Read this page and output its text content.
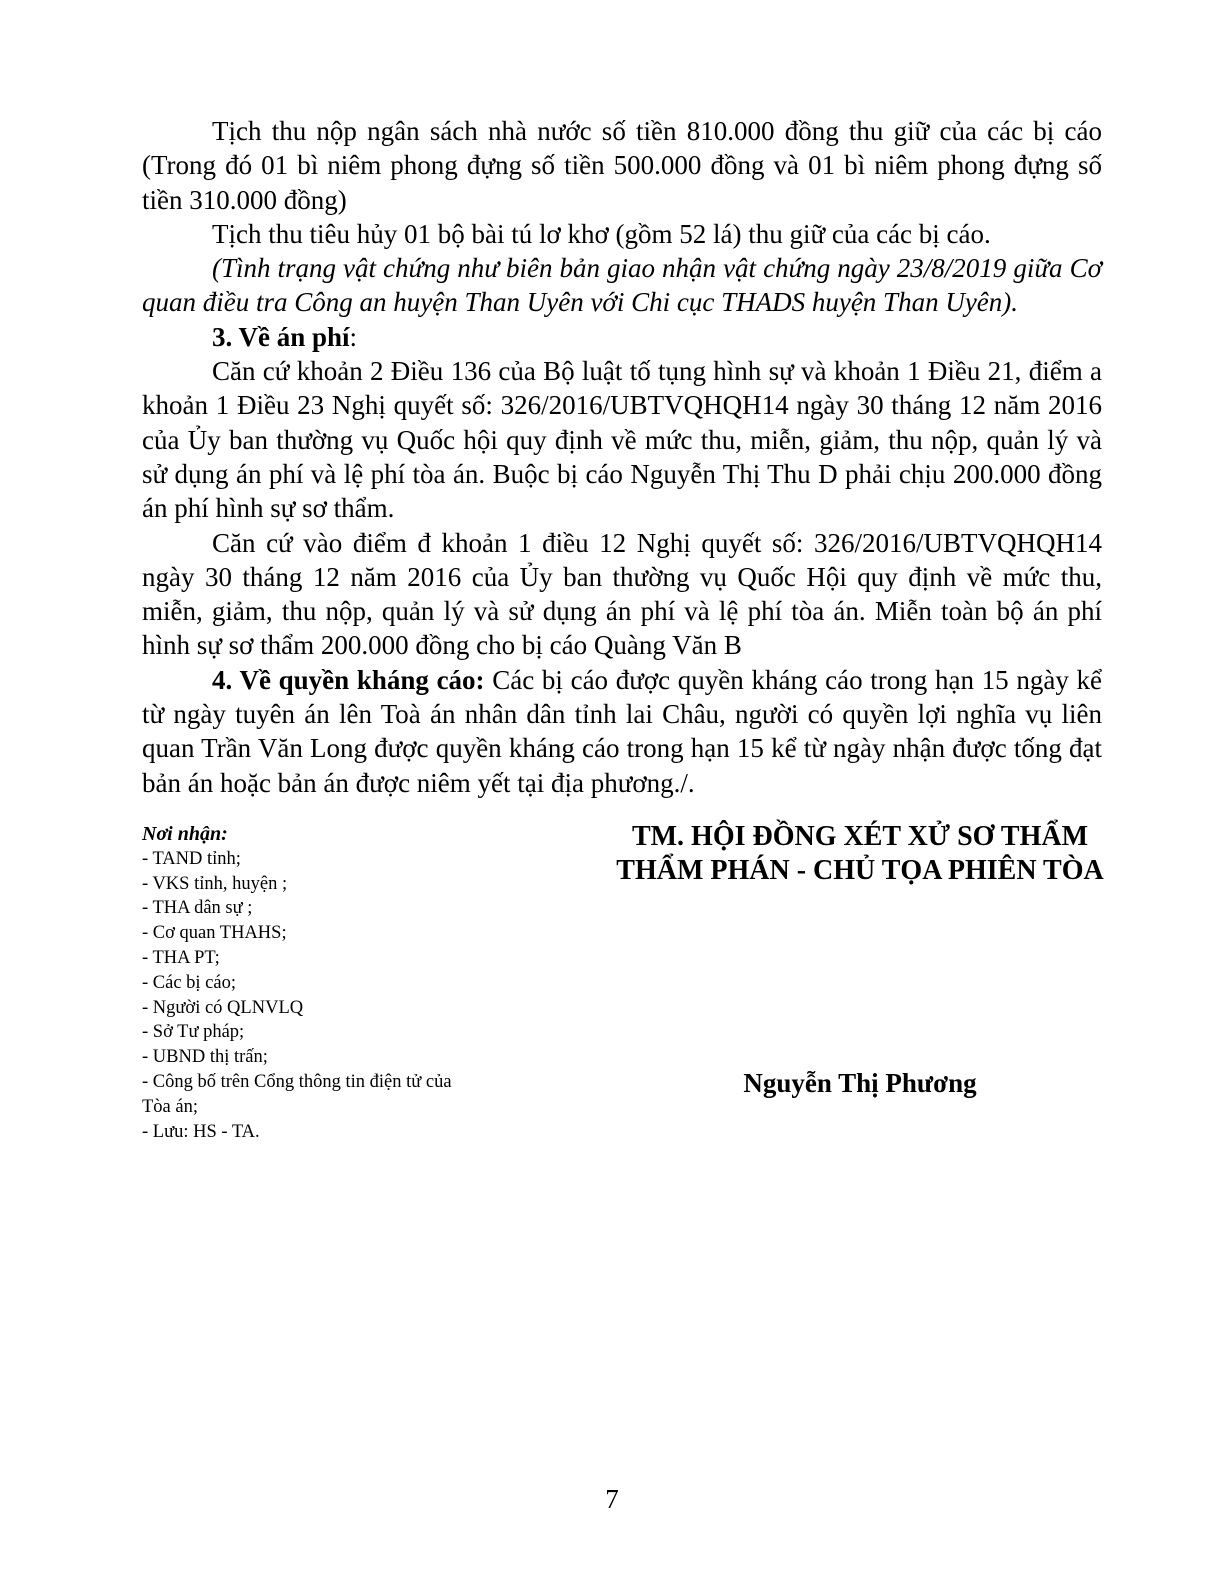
Tịch thu nộp ngân sách nhà nước số tiền 810.000 đồng thu giữ của các bị cáo (Trong đó 01 bì niêm phong đựng số tiền 500.000 đồng và 01 bì niêm phong đựng số tiền 310.000 đồng)

Tịch thu tiêu hủy 01 bộ bài tú lơ khơ (gồm 52 lá) thu giữ của các bị cáo.

(Tình trạng vật chứng như biên bản giao nhận vật chứng ngày 23/8/2019 giữa Cơ quan điều tra Công an huyện Than Uyên với Chi cục THADS huyện Than Uyên).

3. Về án phí:

Căn cứ khoản 2 Điều 136 của Bộ luật tố tụng hình sự và khoản 1 Điều 21, điểm a khoản 1 Điều 23 Nghị quyết số: 326/2016/UBTVQHQH14 ngày 30 tháng 12 năm 2016 của Ủy ban thường vụ Quốc hội quy định về mức thu, miễn, giảm, thu nộp, quản lý và sử dụng án phí và lệ phí tòa án. Buộc bị cáo Nguyễn Thị Thu D phải chịu 200.000 đồng án phí hình sự sơ thẩm.

Căn cứ vào điểm đ khoản 1 điều 12 Nghị quyết số: 326/2016/UBTVQHQH14 ngày 30 tháng 12 năm 2016 của Ủy ban thường vụ Quốc Hội quy định về mức thu, miễn, giảm, thu nộp, quản lý và sử dụng án phí và lệ phí tòa án. Miễn toàn bộ án phí hình sự sơ thẩm 200.000 đồng cho bị cáo Quàng Văn B

4. Về quyền kháng cáo: Các bị cáo được quyền kháng cáo trong hạn 15 ngày kể từ ngày tuyên án lên Toà án nhân dân tỉnh lai Châu, người có quyền lợi nghĩa vụ liên quan Trần Văn Long được quyền kháng cáo trong hạn 15 kể từ ngày nhận được tống đạt bản án hoặc bản án được niêm yết tại địa phương./.

Nơi nhận:
- TAND tỉnh;
- VKS tỉnh, huyện ;
- THA dân sự ;
- Cơ quan THAHS;
- THA PT;
- Các bị cáo;
- Người có QLNVLQ
- Sở Tư pháp;
- UBND thị trấn;
- Công bố trên Cổng thông tin điện tử của
Tòa án;
- Lưu: HS - TA.
TM. HỘI ĐỒNG XÉT XỬ SƠ THẨM
THẨM PHÁN - CHỦ TỌA PHIÊN TÒA
Nguyễn Thị Phương
7
